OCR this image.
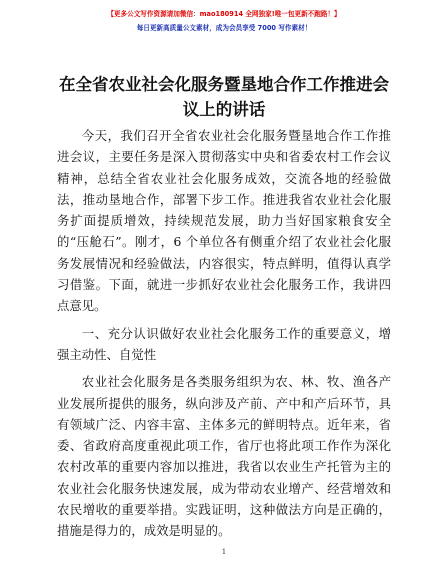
【更多公文写作资源请加微信：mao180914 全网独家!唯一包更新不跑路！】
每日更新高质量公文素材，成为会员享受 7000 写作素材！
在全省农业社会化服务暨垦地合作工作推进会
议上的讲话

今天，我们召开全省农业社会化服务暨垦地合作工作推进会议，主要任务是深入贯彻落实中央和省委农村工作会议精神，总结全省农业社会化服务成效，交流各地的经验做法，推动垦地合作，部署下步工作。推进我省农业社会化服务扩面提质增效，持续规范发展，助力当好国家粮食安全的“压舱石”。刚才，6 个单位各有侧重介绍了农业社会化服务发展情况和经验做法，内容很实，特点鲜明，值得认真学习借鉴。下面，就进一步抓好农业社会化服务工作，我讲四点意见。

一、充分认识做好农业社会化服务工作的重要意义，增强主动性、自觉性

农业社会化服务是各类服务组织为农、林、牧、渔各产业发展所提供的服务，纵向涉及产前、产中和产后环节，具有领域广泛、内容丰富、主体多元的鲜明特点。近年来，省委、省政府高度重视此项工作，省厅也将此项工作作为深化农村改革的重要内容加以推进，我省以农业生产托管为主的农业社会化服务快速发展，成为带动农业增产、经营增效和农民增收的重要举措。实践证明，这种做法方向是正确的，措施是得力的，成效是明显的。

1
